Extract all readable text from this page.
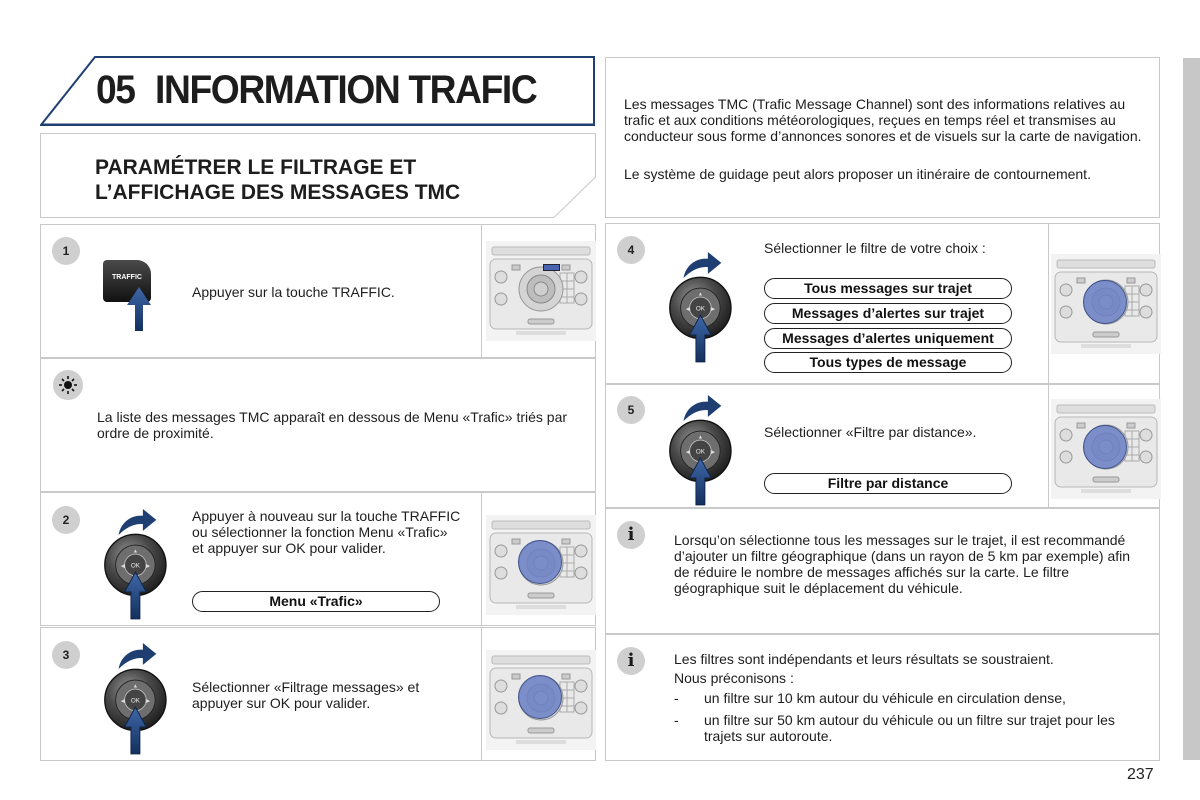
05 INFORMATION TRAFIC
PARAMÉTRER LE FILTRAGE ET
L’AFFICHAGE DES MESSAGES TMC
Les messages TMC (Trafic Message Channel) sont des informations relatives au trafic et aux conditions météorologiques, reçues en temps réel et transmises au conducteur sous forme d’annonces sonores et de visuels sur la carte de navigation.
Le système de guidage peut alors proposer un itinéraire de contournement.
1
TRAFFIC
Appuyer sur la touche TRAFFIC.
La liste des messages TMC apparaît en dessous de Menu «Trafic» triés par ordre de proximité.
2	Appuyer à nouveau sur la touche TRAFFIC ou sélectionner la fonction Menu «Trafic» et appuyer sur OK pour valider.
Menu «Trafic»
3
Sélectionner «Filtrage messages» et appuyer sur OK pour valider.
4	Sélectionner le filtre de votre choix :
Tous messages sur trajet
Messages d’alertes sur trajet
Messages d’alertes uniquement
Tous types de message
5
Sélectionner «Filtre par distance».
Filtre par distance
i	Lorsqu’on sélectionne tous les messages sur le trajet, il est recommandé d’ajouter un filtre géographique (dans un rayon de 5 km par exemple) afin de réduire le nombre de messages affichés sur la carte. Le filtre géographique suit le déplacement du véhicule.
i	Les filtres sont indépendants et leurs résultats se soustraient.
Nous préconisons :
- un filtre sur 10 km autour du véhicule en circulation dense,
- un filtre sur 50 km autour du véhicule ou un filtre sur trajet pour les trajets sur autoroute.
237
